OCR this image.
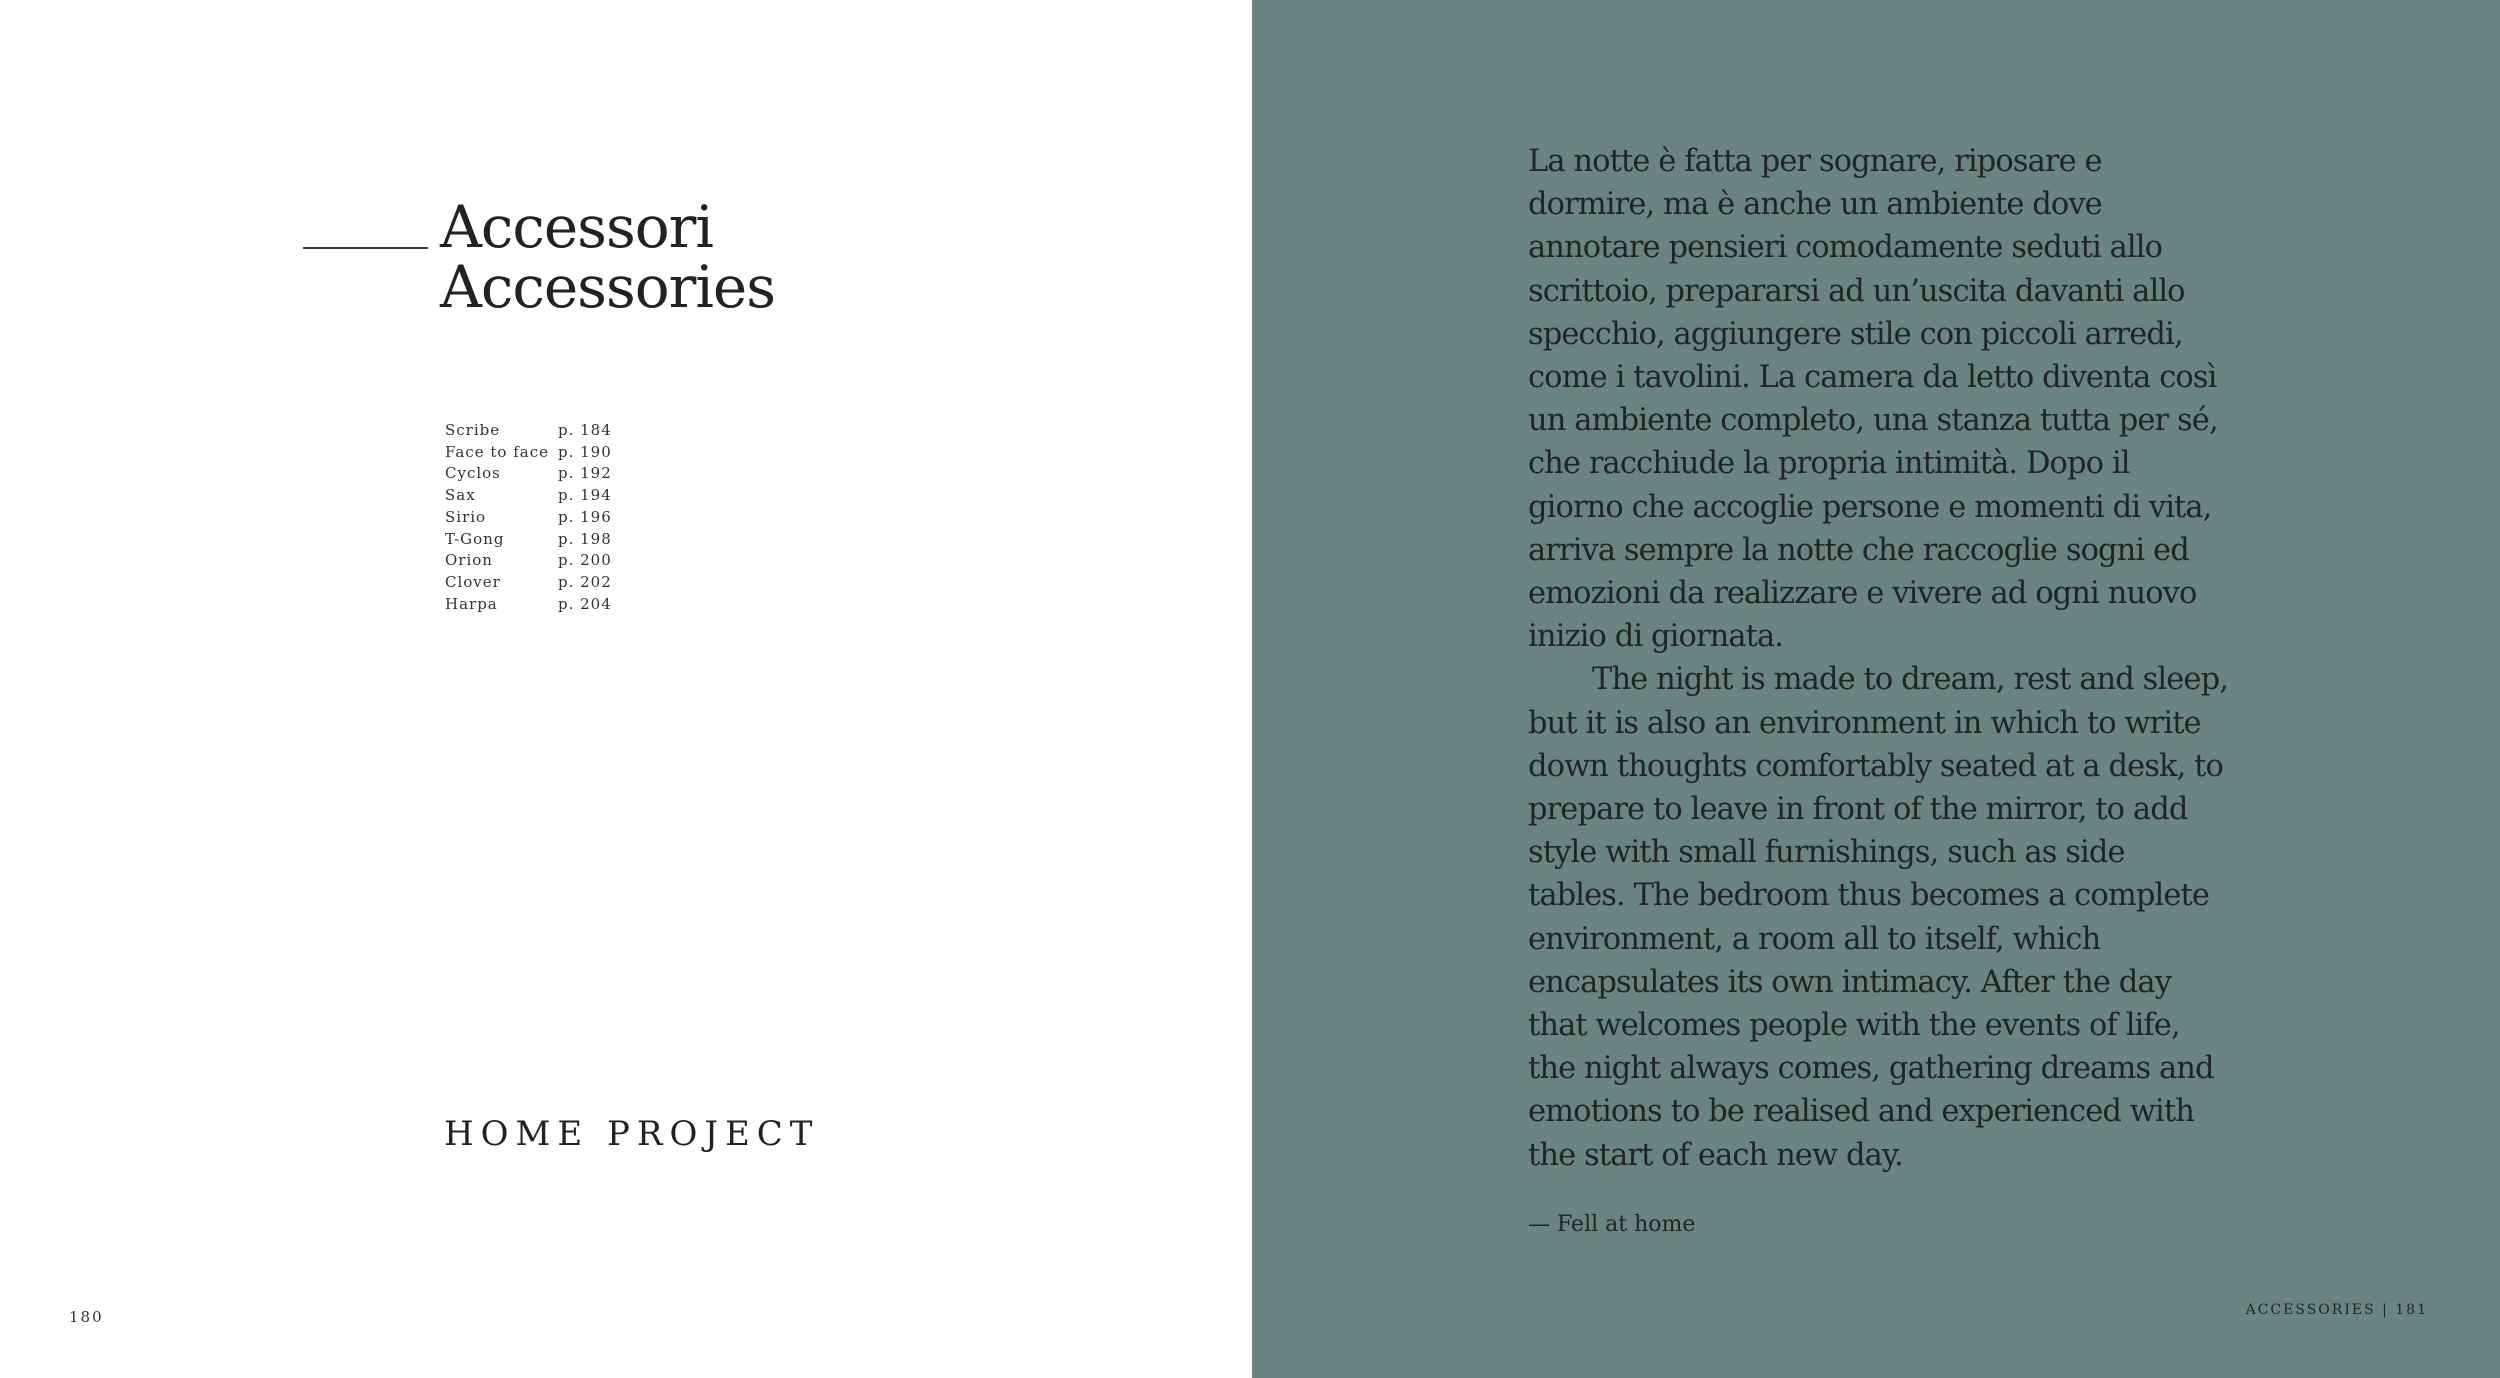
Accessori
Accessories
Scribe	p. 184
Face to face p. 190
Cyclos	p. 192
Sax	p. 194
Sirio	p. 196
T-Gong	p. 198
Orion	p. 200
Clover	p. 202
Harpa	p. 204
HOME PROJECT
180

La notte è fatta per sognare, riposare e dormire, ma è anche un ambiente dove annotare pensieri comodamente seduti allo scrittoio, prepararsi ad un’uscita davanti allo specchio, aggiungere stile con piccoli arredi, come i tavolini. La camera da letto diventa così un ambiente completo, una stanza tutta per sé, che racchiude la propria intimità. Dopo il giorno che accoglie persone e momenti di vita, arriva sempre la notte che raccoglie sogni ed emozioni da realizzare e vivere ad ogni nuovo inizio di giornata.

The night is made to dream, rest and sleep, but it is also an environment in which to write down thoughts comfortably seated at a desk, to prepare to leave in front of the mirror, to add style with small furnishings, such as side tables. The bedroom thus becomes a complete environment, a room all to itself, which encapsulates its own intimacy. After the day that welcomes people with the events of life, the night always comes, gathering dreams and emotions to be realised and experienced with the start of each new day.

— Fell at home
ACCESSORIES | 181
